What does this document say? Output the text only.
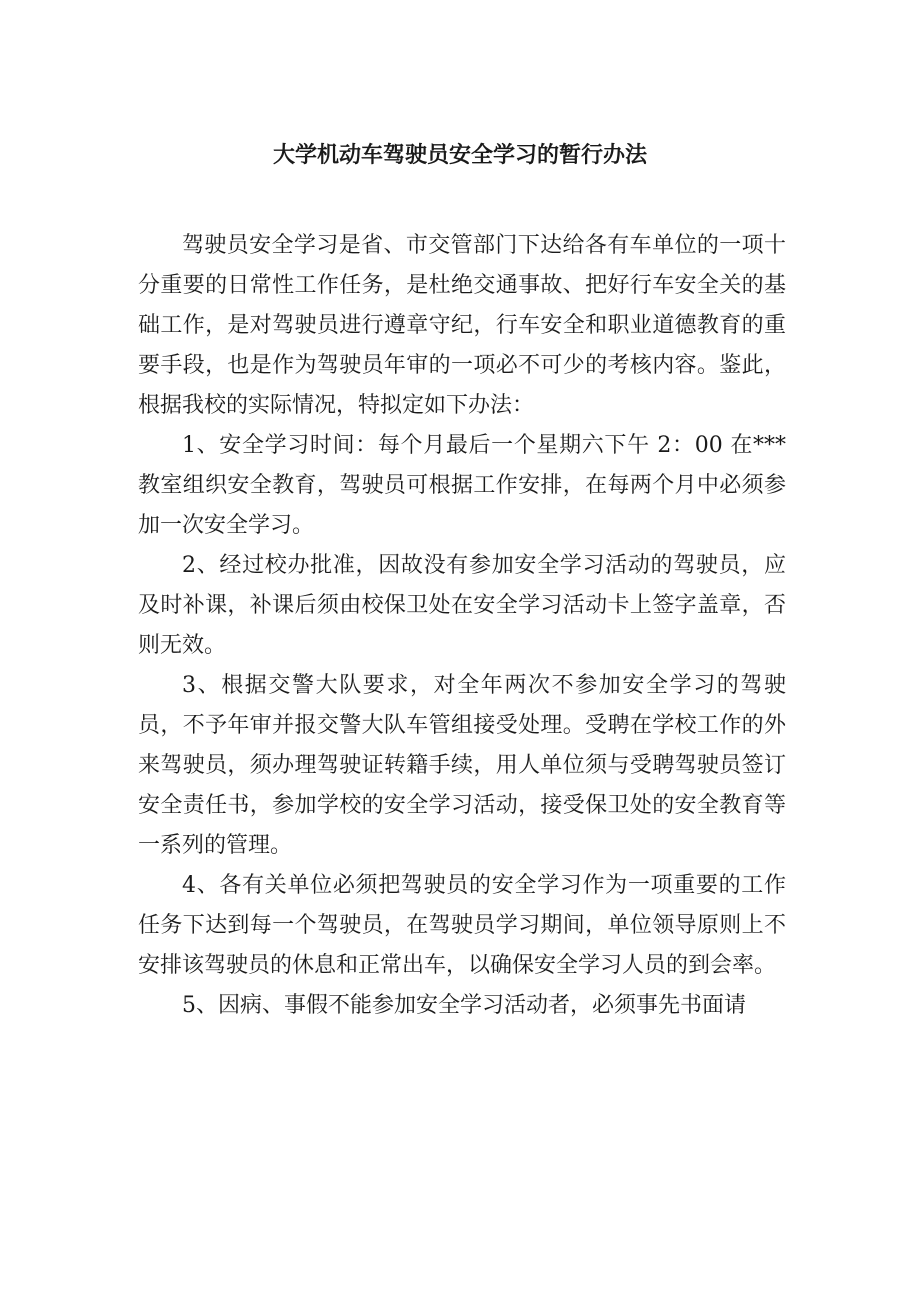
大学机动车驾驶员安全学习的暂行办法

驾驶员安全学习是省、市交管部门下达给各有车单位的一项十分重要的日常性工作任务，是杜绝交通事故、把好行车安全关的基础工作，是对驾驶员进行遵章守纪，行车安全和职业道德教育的重要手段，也是作为驾驶员年审的一项必不可少的考核内容。鉴此，根据我校的实际情况，特拟定如下办法：

1、安全学习时间：每个月最后一个星期六下午 2：00 在***教室组织安全教育，驾驶员可根据工作安排，在每两个月中必须参加一次安全学习。

2、经过校办批准，因故没有参加安全学习活动的驾驶员，应及时补课，补课后须由校保卫处在安全学习活动卡上签字盖章，否则无效。

3、根据交警大队要求，对全年两次不参加安全学习的驾驶员，不予年审并报交警大队车管组接受处理。受聘在学校工作的外来驾驶员，须办理驾驶证转籍手续，用人单位须与受聘驾驶员签订安全责任书，参加学校的安全学习活动，接受保卫处的安全教育等一系列的管理。

4、各有关单位必须把驾驶员的安全学习作为一项重要的工作任务下达到每一个驾驶员，在驾驶员学习期间，单位领导原则上不安排该驾驶员的休息和正常出车，以确保安全学习人员的到会率。

5、因病、事假不能参加安全学习活动者，必须事先书面请
